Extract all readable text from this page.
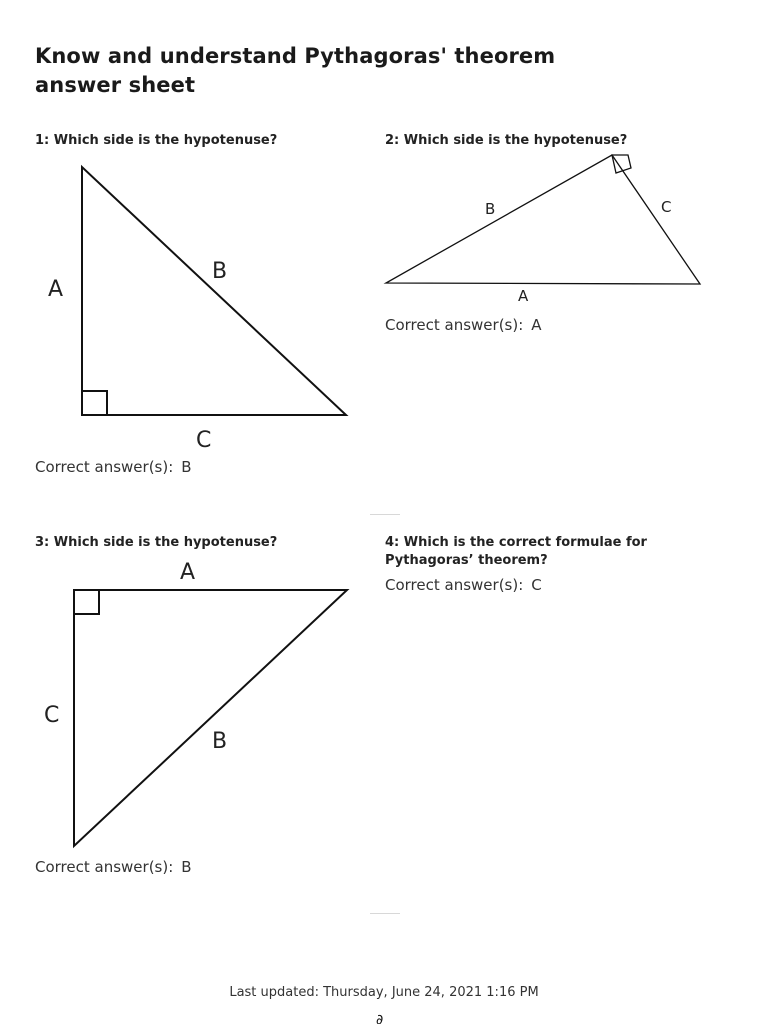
Know and understand Pythagoras' theorem
answer sheet
1: Which side is the hypotenuse?
A
B
C
B	C
A
A
C
B
Correct answer(s): B
2: Which side is the hypotenuse?
Correct answer(s): A
3: Which side is the hypotenuse?
Correct answer(s): B
4: Which is the correct formulae for
Pythagoras’ theorem?
Correct answer(s): C
Last updated: Thursday, June 24, 2021 1:16 PM
∂
